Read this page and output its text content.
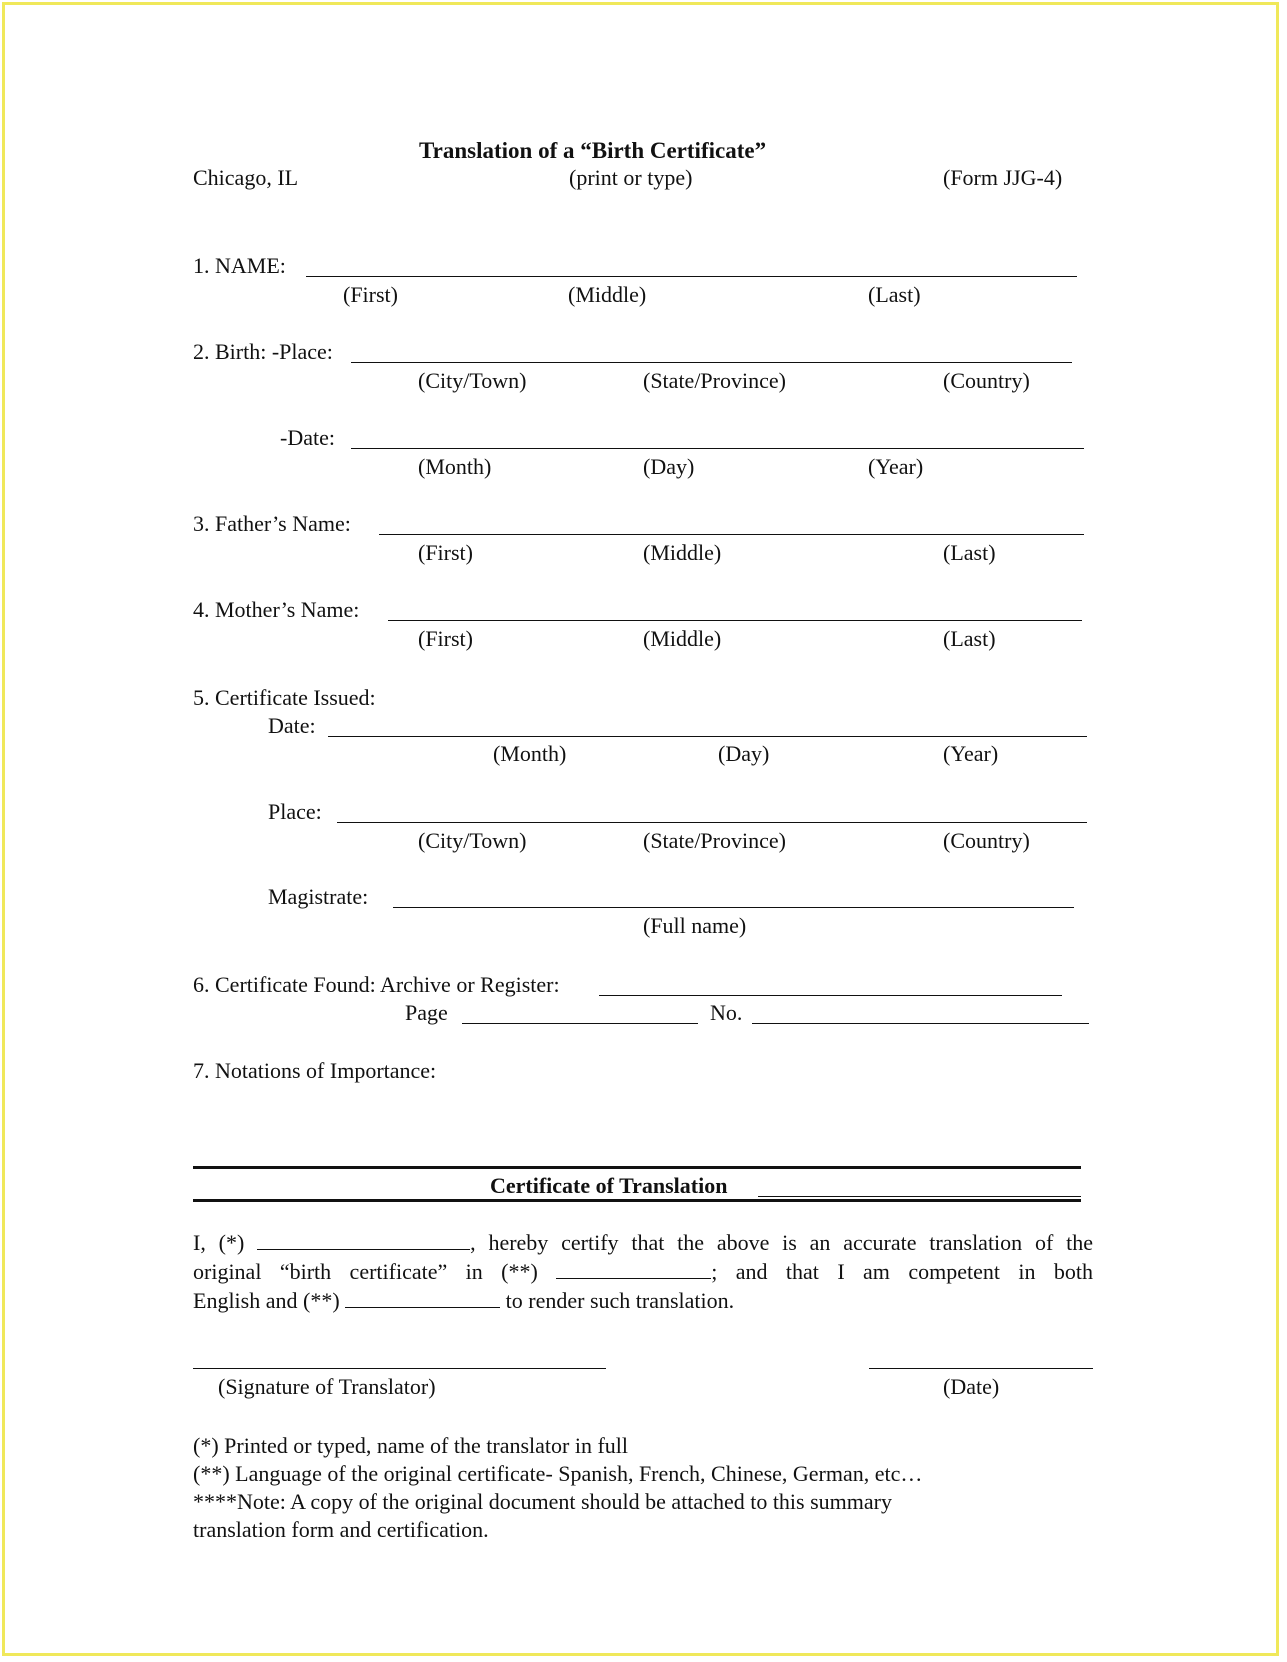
Translation of a “Birth Certificate”
Chicago, IL	(print or type)	(Form JJG-4)
1. NAME:
(First)	(Middle)	(Last)
2. Birth: -Place:
(City/Town)	(State/Province)	(Country)
-Date:
(Month)	(Day)	(Year)
3. Father’s Name:
(First)	(Middle)	(Last)
4. Mother’s Name:
(First)	(Middle)	(Last)
5. Certificate Issued:
Date:
(Month)	(Day)	(Year)
Place:
(City/Town)	(State/Province)	(Country)
Magistrate:
(Full name)
6. Certificate Found: Archive or Register:
Page	No.
7. Notations of Importance:
Certificate of Translation
I, (*)	, hereby certify that the above is an accurate translation of the
original “birth certificate” in (**)	; and that I am competent in both
English and (**)	to render such translation.
(Signature of Translator)	(Date)
(*) Printed or typed, name of the translator in full
(**) Language of the original certificate- Spanish, French, Chinese, German, etc…
****Note: A copy of the original document should be attached to this summary
translation form and certification.
